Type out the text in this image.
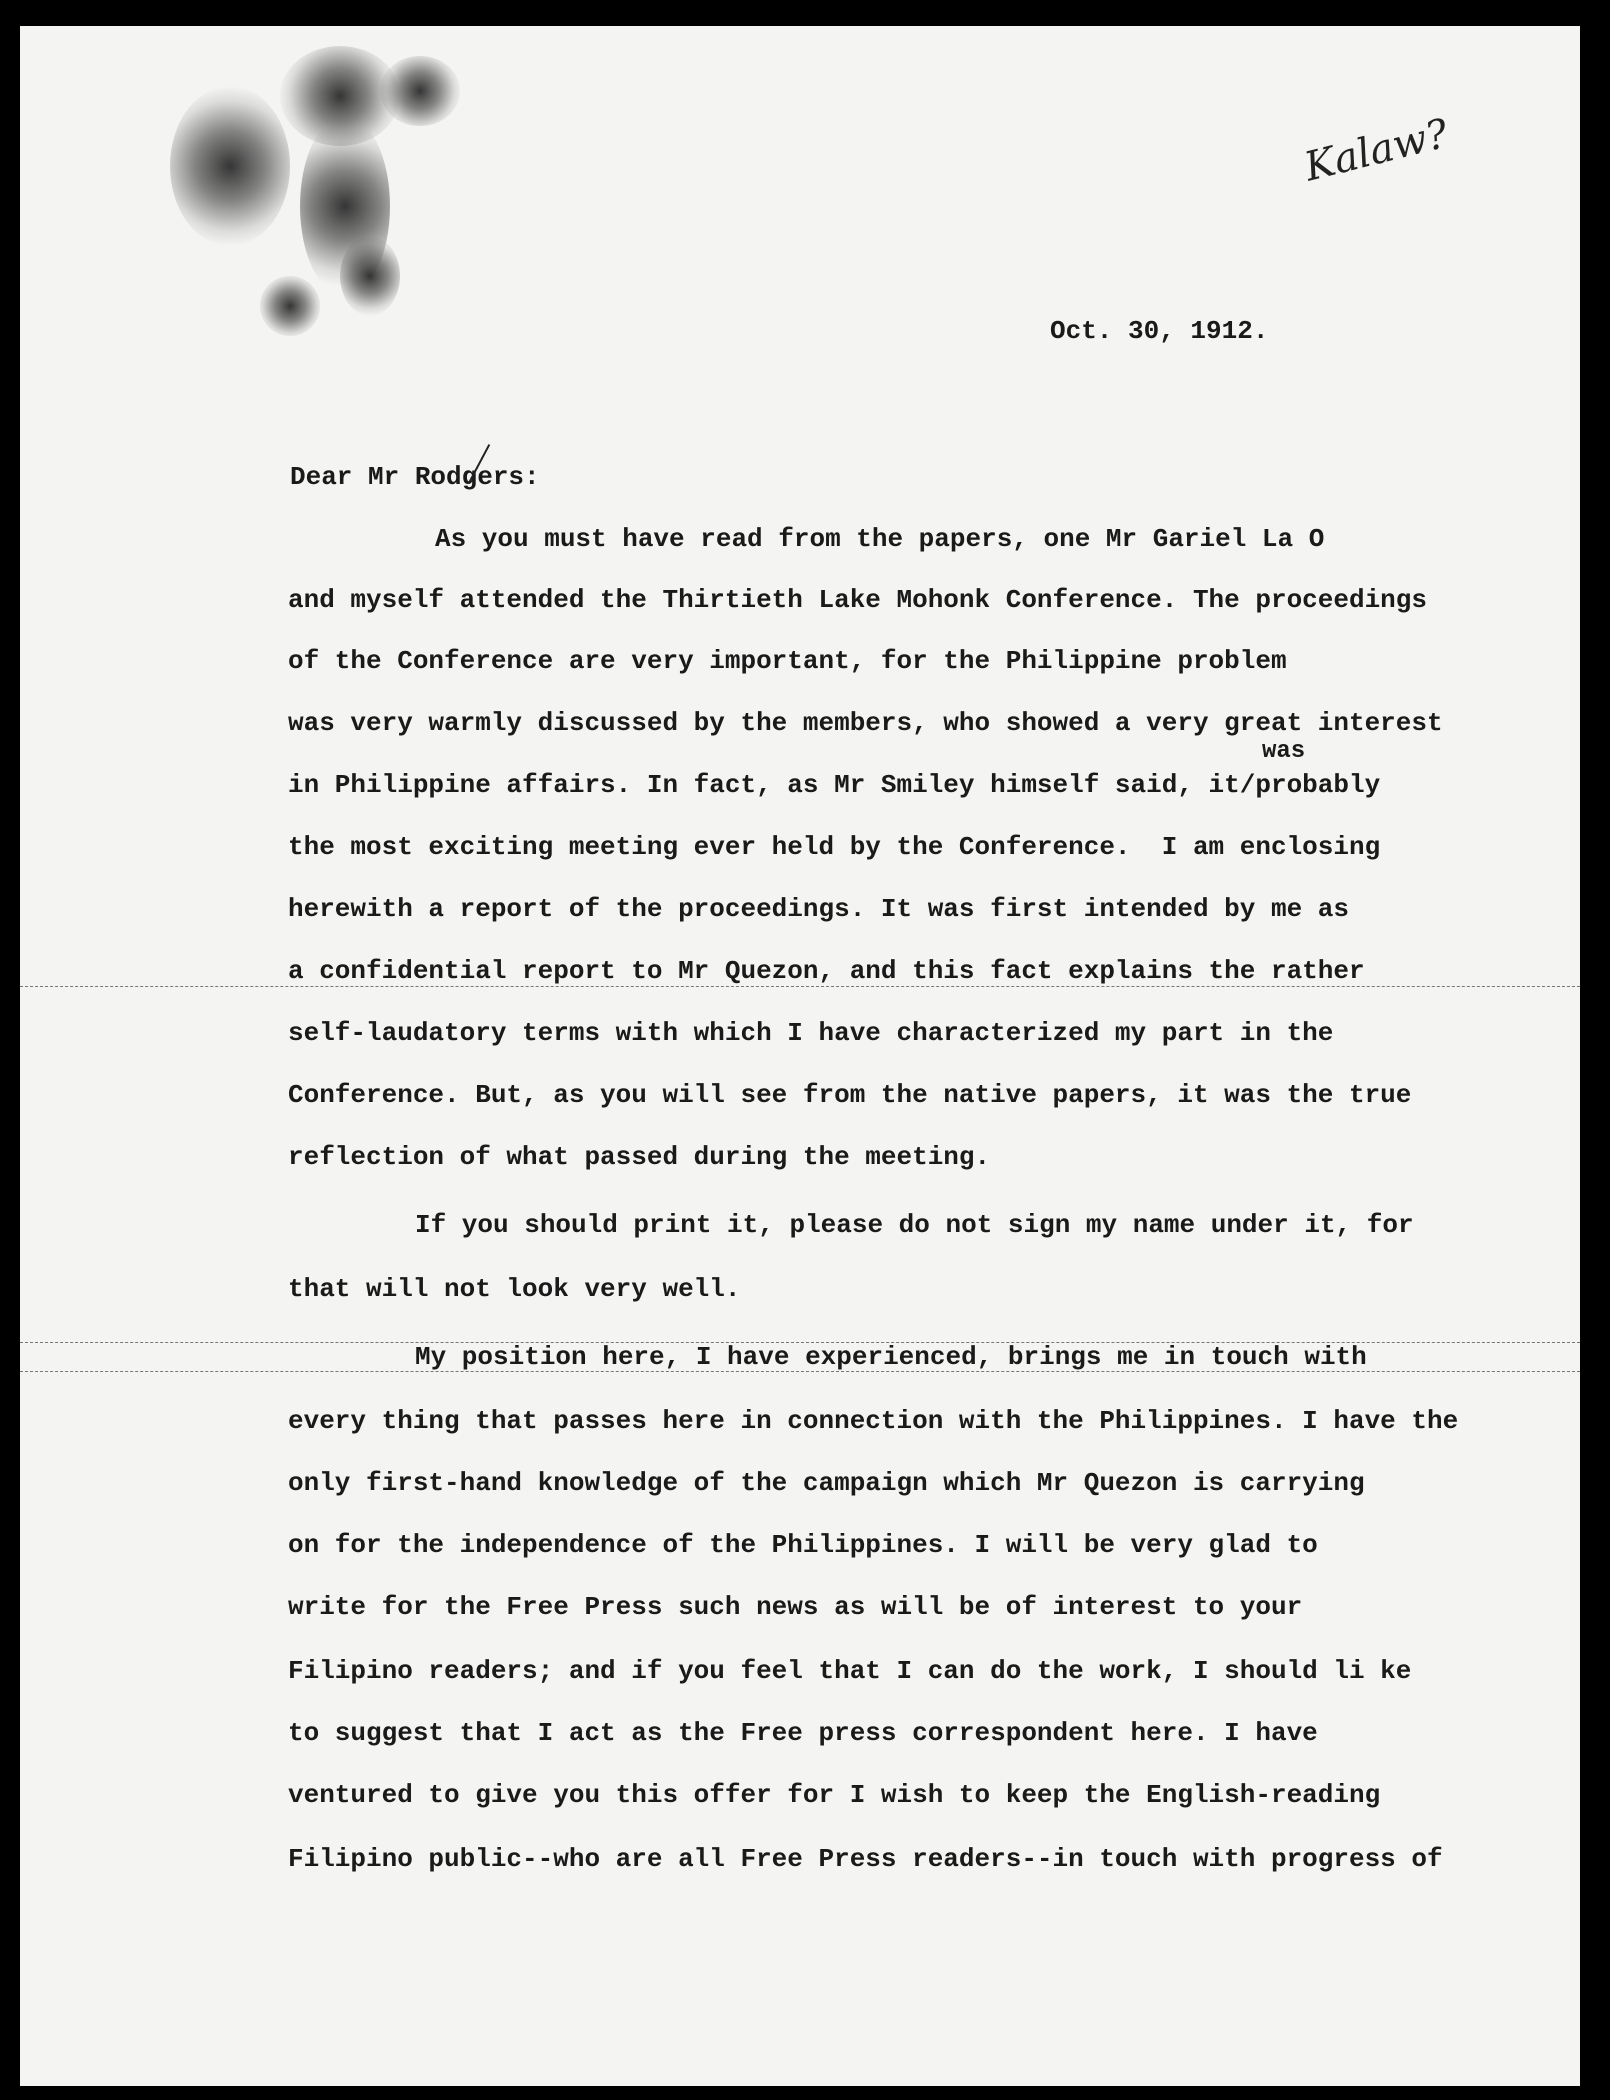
Kalaw?
Oct. 30, 1912.
Dear Mr Rodgers:
As you must have read from the papers, one Mr Gariel La O
and myself attended the Thirtieth Lake Mohonk Conference. The proceedings
of the Conference are very important, for the Philippine problem
was very warmly discussed by the members, who showed a very great interest
was
in Philippine affairs. In fact, as Mr Smiley himself said, it/probably
the most exciting meeting ever held by the Conference.  I am enclosing
herewith a report of the proceedings. It was first intended by me as
a confidential report to Mr Quezon, and this fact explains the rather
self-laudatory terms with which I have characterized my part in the
Conference. But, as you will see from the native papers, it was the true
reflection of what passed during the meeting.
If you should print it, please do not sign my name under it, for
that will not look very well.
My position here, I have experienced, brings me in touch with
every thing that passes here in connection with the Philippines. I have the
only first-hand knowledge of the campaign which Mr Quezon is carrying
on for the independence of the Philippines. I will be very glad to
write for the Free Press such news as will be of interest to your
Filipino readers; and if you feel that I can do the work, I should li ke
to suggest that I act as the Free press correspondent here. I have
ventured to give you this offer for I wish to keep the English-reading
Filipino public--who are all Free Press readers--in touch with progress of
